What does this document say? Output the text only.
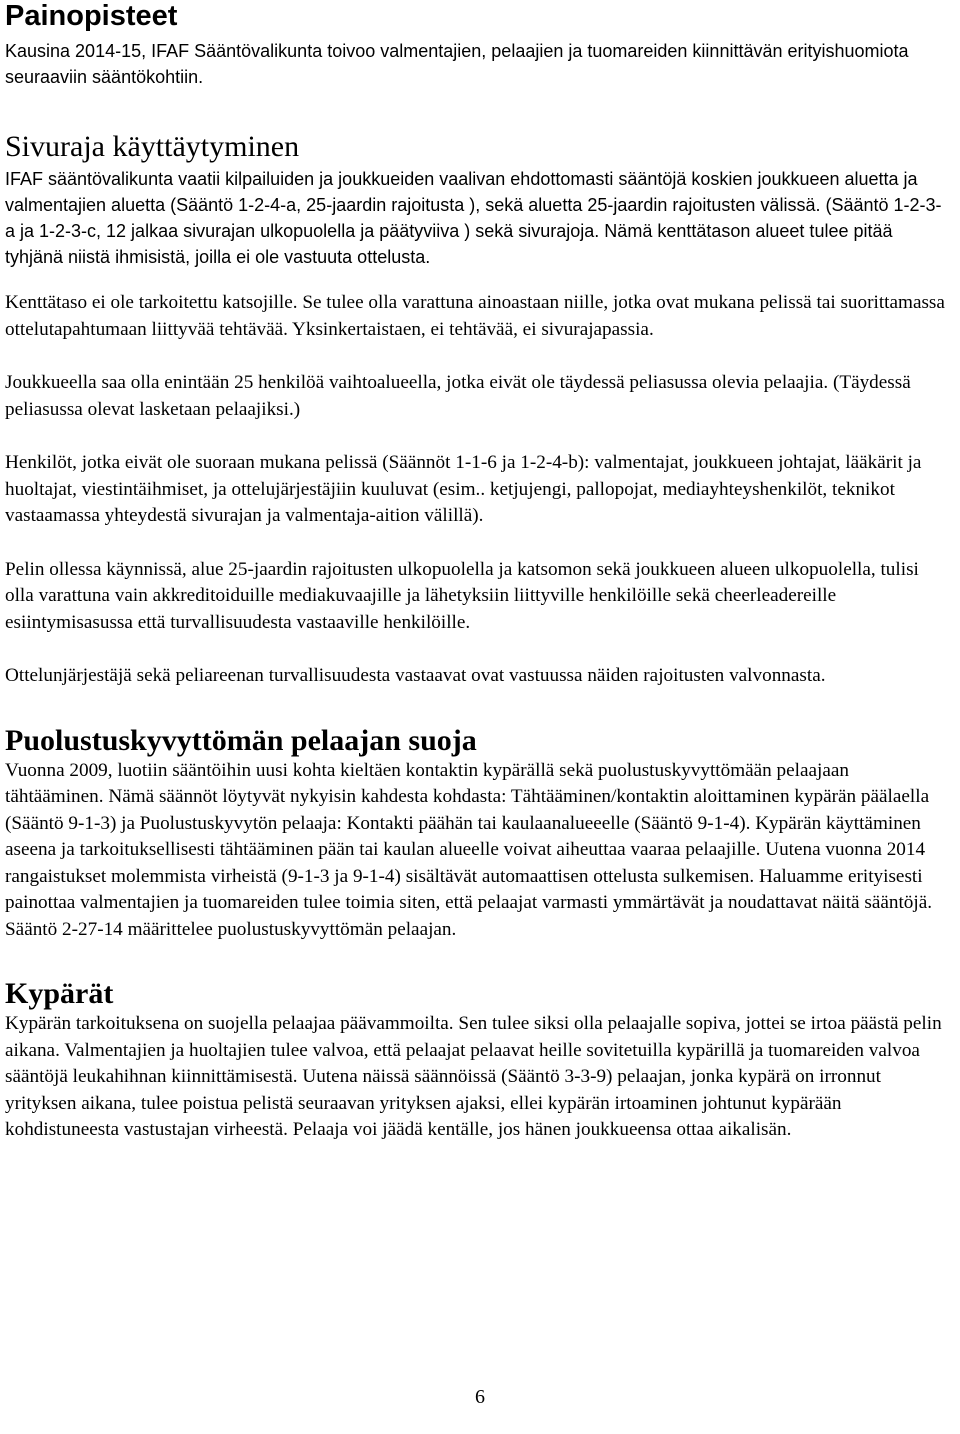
Painopisteet

Kausina 2014-15, IFAF Sääntövalikunta toivoo valmentajien, pelaajien ja tuomareiden kiinnittävän erityishuomiota seuraaviin sääntökohtiin.

Sivuraja käyttäytyminen

IFAF sääntövalikunta vaatii kilpailuiden ja joukkueiden vaalivan ehdottomasti sääntöjä koskien joukkueen aluetta ja valmentajien aluetta (Sääntö 1-2-4-a, 25-jaardin rajoitusta ), sekä aluetta 25-jaardin rajoitusten välissä. (Sääntö 1-2-3-a ja 1-2-3-c, 12 jalkaa sivurajan ulkopuolella ja päätyviiva ) sekä sivurajoja. Nämä kenttätason alueet tulee pitää tyhjänä niistä ihmisistä, joilla ei ole vastuuta ottelusta.

Kenttätaso ei ole tarkoitettu katsojille. Se tulee olla varattuna ainoastaan niille, jotka ovat mukana pelissä tai suorittamassa ottelutapahtumaan liittyvää tehtävää. Yksinkertaistaen, ei tehtävää, ei sivurajapassia.

Joukkueella saa olla enintään 25 henkilöä vaihtoalueella, jotka eivät ole täydessä peliasussa olevia pelaajia. (Täydessä peliasussa olevat lasketaan pelaajiksi.)

Henkilöt, jotka eivät ole suoraan mukana pelissä (Säännöt 1-1-6 ja 1-2-4-b): valmentajat, joukkueen johtajat, lääkärit ja huoltajat, viestintäihmiset, ja ottelujärjestäjiin kuuluvat (esim.. ketjujengi, pallopojat, mediayhteyshenkilöt, teknikot vastaamassa yhteydestä sivurajan ja valmentaja-aition välillä).

Pelin ollessa käynnissä, alue 25-jaardin rajoitusten ulkopuolella ja katsomon sekä joukkueen alueen ulkopuolella, tulisi olla varattuna vain akkreditoiduille mediakuvaajille ja lähetyksiin liittyville henkilöille sekä cheerleadereille esiintymisasussa että turvallisuudesta vastaaville henkilöille.

Ottelunjärjestäjä sekä peliareenan turvallisuudesta vastaavat ovat vastuussa näiden rajoitusten valvonnasta.

Puolustuskyvyttömän pelaajan suoja

Vuonna 2009, luotiin sääntöihin uusi kohta kieltäen kontaktin kypärällä sekä puolustuskyvyttömään pelaajaan tähtääminen. Nämä säännöt löytyvät nykyisin kahdesta kohdasta: Tähtääminen/kontaktin aloittaminen kypärän päälaella (Sääntö 9-1-3) ja Puolustuskyvytön pelaaja: Kontakti päähän tai kaulaanalueeelle (Sääntö 9-1-4). Kypärän käyttäminen aseena ja tarkoituksellisesti tähtääminen pään tai kaulan alueelle voivat aiheuttaa vaaraa pelaajille. Uutena vuonna 2014 rangaistukset molemmista virheistä (9-1-3 ja 9-1-4) sisältävät automaattisen ottelusta sulkemisen. Haluamme erityisesti painottaa valmentajien ja tuomareiden tulee toimia siten, että pelaajat varmasti ymmärtävät ja noudattavat näitä sääntöjä. Sääntö 2-27-14 määrittelee puolustuskyvyttömän pelaajan.

Kypärät

Kypärän tarkoituksena on suojella pelaajaa päävammoilta. Sen tulee siksi olla pelaajalle sopiva, jottei se irtoa päästä pelin aikana. Valmentajien ja huoltajien tulee valvoa, että pelaajat pelaavat heille sovitetuilla kypärillä ja tuomareiden valvoa sääntöjä leukahihnan kiinnittämisestä. Uutena näissä säännöissä (Sääntö 3-3-9) pelaajan, jonka kypärä on irronnut yrityksen aikana, tulee poistua pelistä seuraavan yrityksen ajaksi, ellei kypärän irtoaminen johtunut kypärään kohdistuneesta vastustajan virheestä. Pelaaja voi jäädä kentälle, jos hänen joukkueensa ottaa aikalisän.

6
